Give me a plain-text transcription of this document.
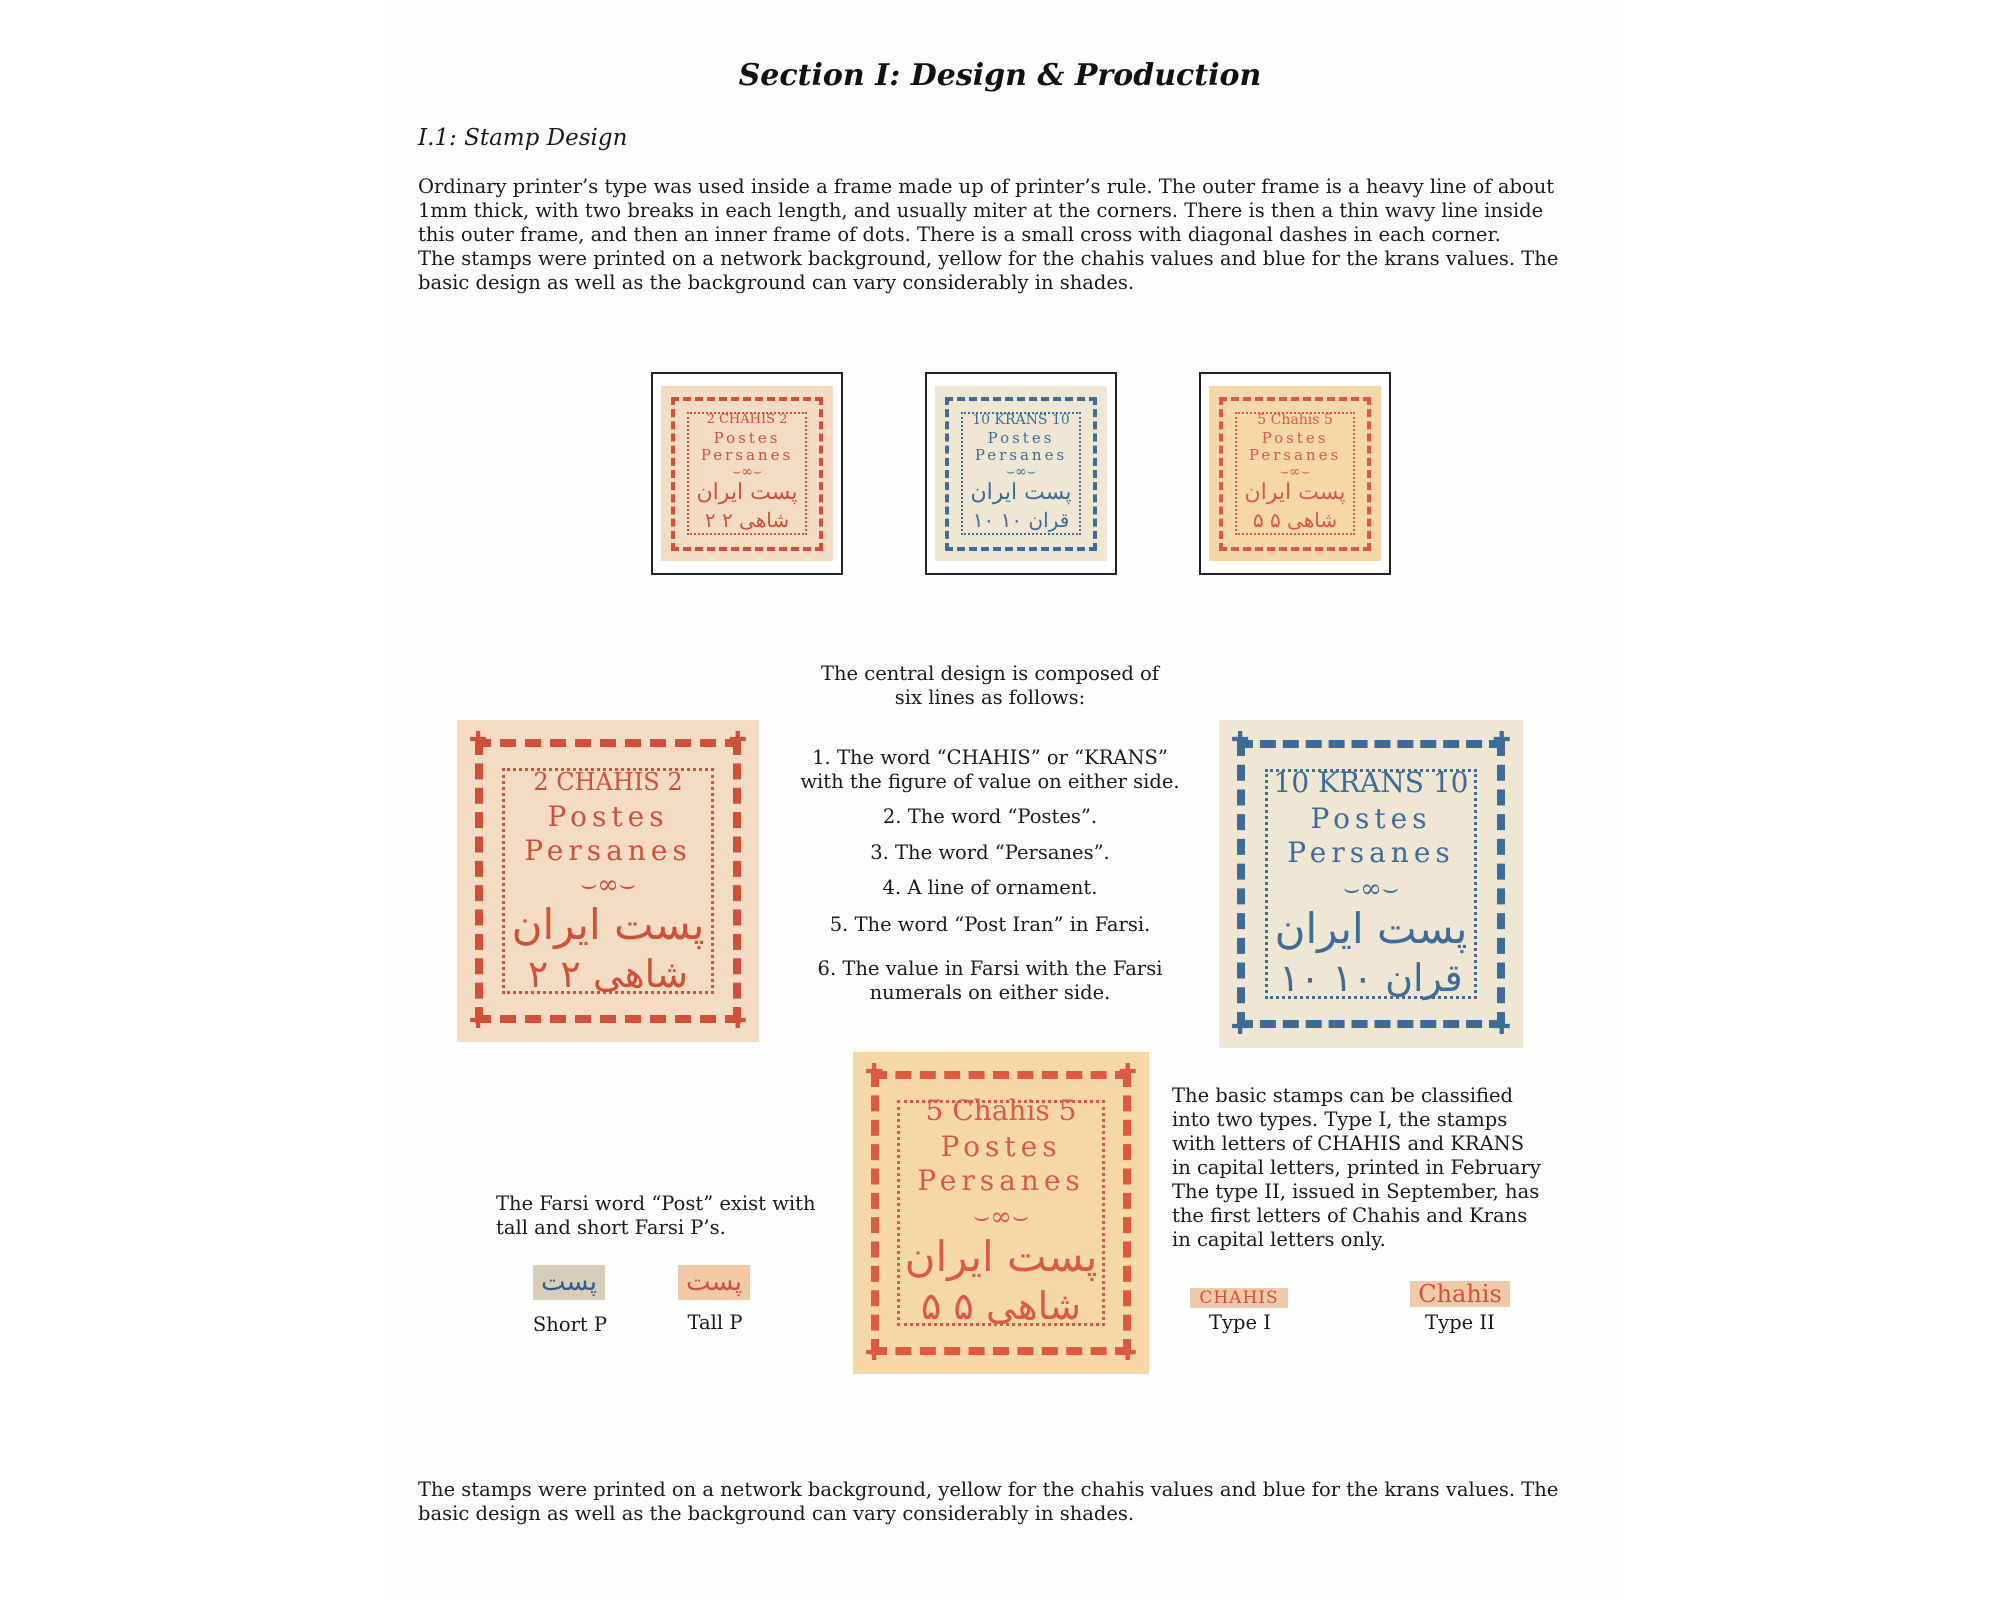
Section I: Design & Production
I.1: Stamp Design
Ordinary printer’s type was used inside a frame made up of printer’s rule. The outer frame is a heavy line of about
1mm thick, with two breaks in each length, and usually miter at the corners. There is then a thin wavy line inside
this outer frame, and then an inner frame of dots. There is a small cross with diagonal dashes in each corner.
The stamps were printed on a network background, yellow for the chahis values and blue for the krans values. The
basic design as well as the background can vary considerably in shades.
2 CHAHIS 2
Postes
Persanes
⌣∞⌣
پست ایران
۲ شاهی ۲
10 KRANS 10
Postes
Persanes
⌣∞⌣
پست ایران
۱۰ قران ۱۰
5 Chahis 5
Postes
Persanes
⌣∞⌣
پست ایران
۵ شاهی ۵
The central design is composed of
six lines as follows:
1. The word “CHAHIS” or “KRANS”
with the figure of value on either side.
2. The word “Postes”.
3. The word “Persanes”.
4. A line of ornament.
5. The word “Post Iran” in Farsi.
6. The value in Farsi with the Farsi
numerals on either side.
✚	✚
✚	✚
2 CHAHIS 2
Postes
Persanes
⌣∞⌣
پست ایران
۲ شاهی ۲
✚	✚
✚	✚
10 KRANS 10
Postes
Persanes
⌣∞⌣
پست ایران
۱۰ قران ۱۰
✚	✚
✚	✚
5 Chahis 5
Postes
Persanes
⌣∞⌣
پست ایران
۵ شاهی ۵
The Farsi word “Post” exist with
tall and short Farsi P’s.
پست	پست
Short P	Tall P
The basic stamps can be classified
into two types. Type I, the stamps
with letters of CHAHIS and KRANS
in capital letters, printed in February
The type II, issued in September, has
the first letters of Chahis and Krans
in capital letters only.
CHAHIS	Chahis
Type I	Type II
The stamps were printed on a network background, yellow for the chahis values and blue for the krans values. The
basic design as well as the background can vary considerably in shades.
